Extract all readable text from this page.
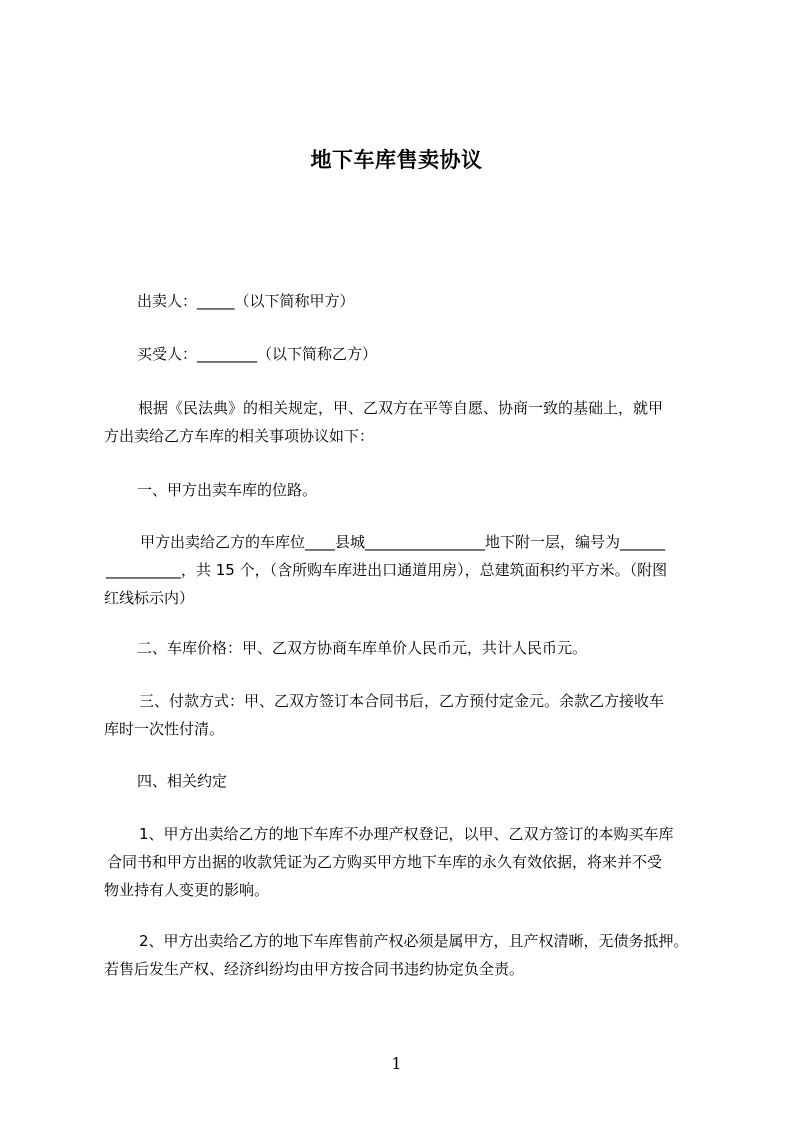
地下车库售卖协议
出卖人：_____（以下简称甲方）
买受人：________（以下简称乙方）
根据《民法典》的相关规定，甲、乙双方在平等自愿、协商一致的基础上，就甲
方出卖给乙方车库的相关事项协议如下：
一、甲方出卖车库的位路。
甲方出卖给乙方的车库位____县城________________地下附一层，编号为______
__________，共 15 个，（含所购车库进出口通道用房），总建筑面积约平方米。（附图
红线标示内）
二、车库价格：甲、乙双方协商车库单价人民币元，共计人民币元。
三、付款方式：甲、乙双方签订本合同书后，乙方预付定金元。余款乙方接收车
库时一次性付清。
四、相关约定
1、甲方出卖给乙方的地下车库不办理产权登记，以甲、乙双方签订的本购买车库
合同书和甲方出据的收款凭证为乙方购买甲方地下车库的永久有效依据，将来并不受
物业持有人变更的影响。
2、甲方出卖给乙方的地下车库售前产权必须是属甲方，且产权清晰，无债务抵押。
若售后发生产权、经济纠纷均由甲方按合同书违约协定负全责。
1
